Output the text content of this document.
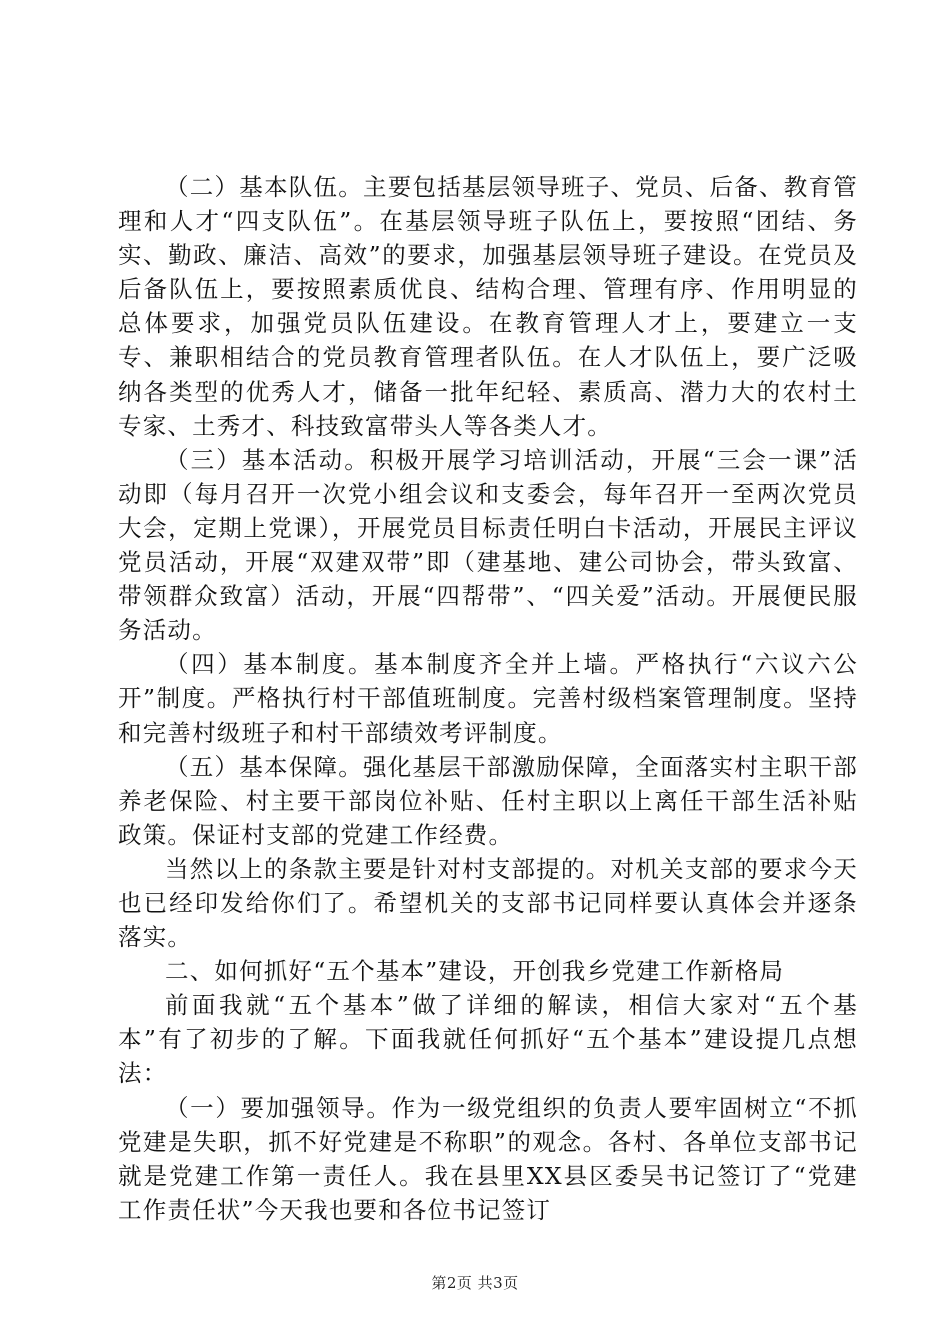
（二）基本队伍。主要包括基层领导班子、党员、后备、教育管理和人才“四支队伍”。在基层领导班子队伍上，要按照“团结、务实、勤政、廉洁、高效”的要求，加强基层领导班子建设。在党员及后备队伍上，要按照素质优良、结构合理、管理有序、作用明显的总体要求，加强党员队伍建设。在教育管理人才上，要建立一支专、兼职相结合的党员教育管理者队伍。在人才队伍上，要广泛吸纳各类型的优秀人才，储备一批年纪轻、素质高、潜力大的农村土专家、土秀才、科技致富带头人等各类人才。

（三）基本活动。积极开展学习培训活动，开展“三会一课”活动即（每月召开一次党小组会议和支委会，每年召开一至两次党员大会，定期上党课），开展党员目标责任明白卡活动，开展民主评议党员活动，开展“双建双带”即（建基地、建公司协会，带头致富、带领群众致富）活动，开展“四帮带”、“四关爱”活动。开展便民服务活动。

（四）基本制度。基本制度齐全并上墙。严格执行“六议六公开”制度。严格执行村干部值班制度。完善村级档案管理制度。坚持和完善村级班子和村干部绩效考评制度。

（五）基本保障。强化基层干部激励保障，全面落实村主职干部养老保险、村主要干部岗位补贴、任村主职以上离任干部生活补贴政策。保证村支部的党建工作经费。

当然以上的条款主要是针对村支部提的。对机关支部的要求今天也已经印发给你们了。希望机关的支部书记同样要认真体会并逐条落实。

二、如何抓好“五个基本”建设，开创我乡党建工作新格局

前面我就“五个基本”做了详细的解读，相信大家对“五个基本”有了初步的了解。下面我就任何抓好“五个基本”建设提几点想法：

（一）要加强领导。作为一级党组织的负责人要牢固树立“不抓党建是失职，抓不好党建是不称职”的观念。各村、各单位支部书记就是党建工作第一责任人。我在县里XX县区委吴书记签订了“党建工作责任状”今天我也要和各位书记签订

第2页 共3页
